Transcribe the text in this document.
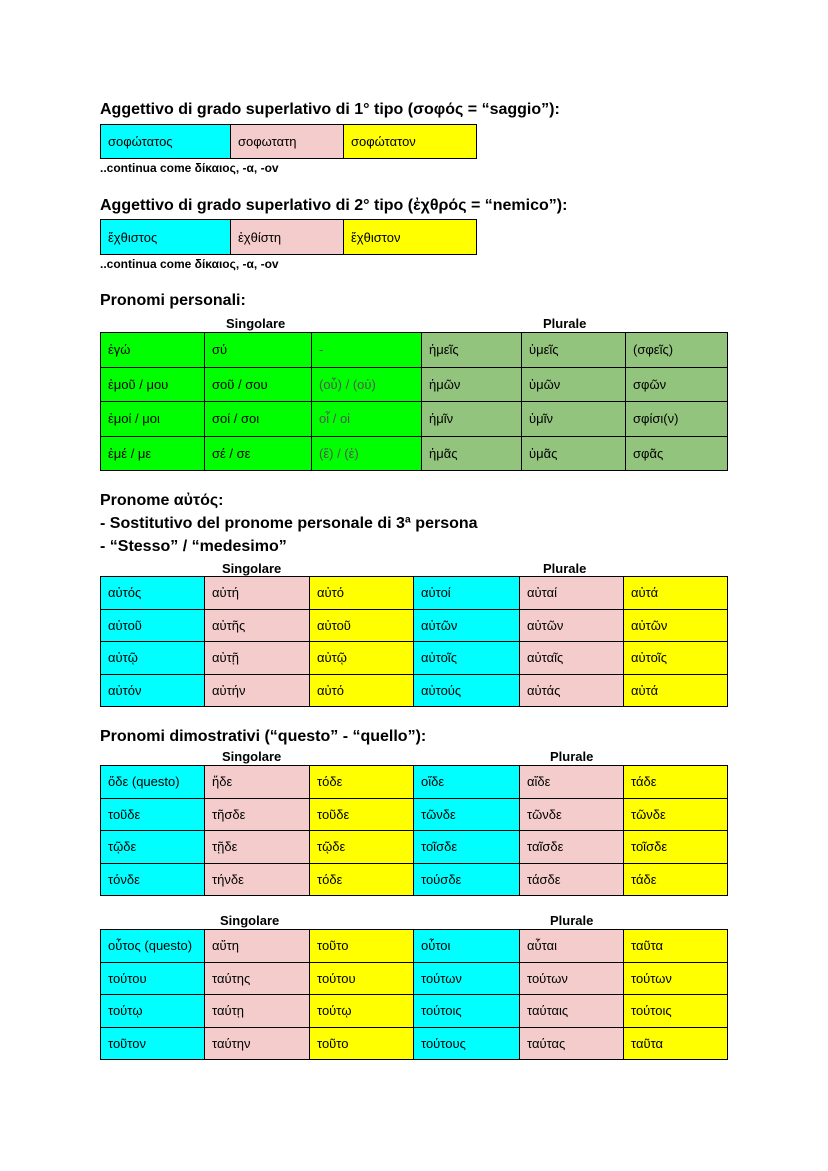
Aggettivo di grado superlativo di 1° tipo (σοφός = “saggio”):
σοφώτατος	σοφωτατη	σοφώτατον
..continua come δίκαιος, -α, -ov
Aggettivo di grado superlativo di 2° tipo (ἐχθρός = “nemico”):
ἔχθιστος	ἐχθίστη	ἔχθιστον
..continua come δίκαιος, -α, -ov
Pronomi personali:
Singolare	Plurale
ἐγώ	σύ	-	ἡμεῖς	ὑμεῖς	(σφεῖς)
ἐμοῦ / μου	σοῦ / σου	(οὗ) / (οὑ)	ἡμῶν	ὑμῶν	σφῶν
ἐμοί / μοι	σοί / σοι	οἷ / οἱ	ἡμῖν	ὑμῖν	σφίσι(ν)
ἐμέ / με	σέ / σε	(ἕ) / (ἑ)	ἡμᾶς	ὑμᾶς	σφᾶς
Pronome αὐτός:
- Sostitutivo del pronome personale di 3ª persona
- “Stesso” / “medesimo”
Singolare	Plurale
αὐτός	αὐτή	αὐτό	αὐτοί	αὐταί	αὐτά
αὐτοῦ	αὐτῆς	αὐτοῦ	αὐτῶν	αὐτῶν	αὐτῶν
αὐτῷ	αὐτῇ	αὐτῷ	αὐτοῖς	αὐταῖς	αὐτοῖς
αὐτόν	αὐτήν	αὐτό	αὐτούς	αὐτάς	αὐτά
Pronomi dimostrativi (“questo” - “quello”):
Singolare	Plurale
ὅδε (questo)	ἥδε	τόδε	οἵδε	αἵδε	τάδε
τοῦδε	τῆσδε	τοῦδε	τῶνδε	τῶνδε	τῶνδε
τῷδε	τῇδε	τῷδε	τοῖσδε	ταῖσδε	τοῖσδε
τόνδε	τήνδε	τόδε	τούσδε	τάσδε	τάδε
Singolare	Plurale
οὗτος (questo)	αὕτη	τοῦτο	οὗτοι	αὗται	ταῦτα
τούτου	ταύτης	τούτου	τούτων	τούτων	τούτων
τούτῳ	ταύτῃ	τούτῳ	τούτοις	ταύταις	τούτοις
τοῦτον	ταύτην	τοῦτο	τούτους	ταύτας	ταῦτα
